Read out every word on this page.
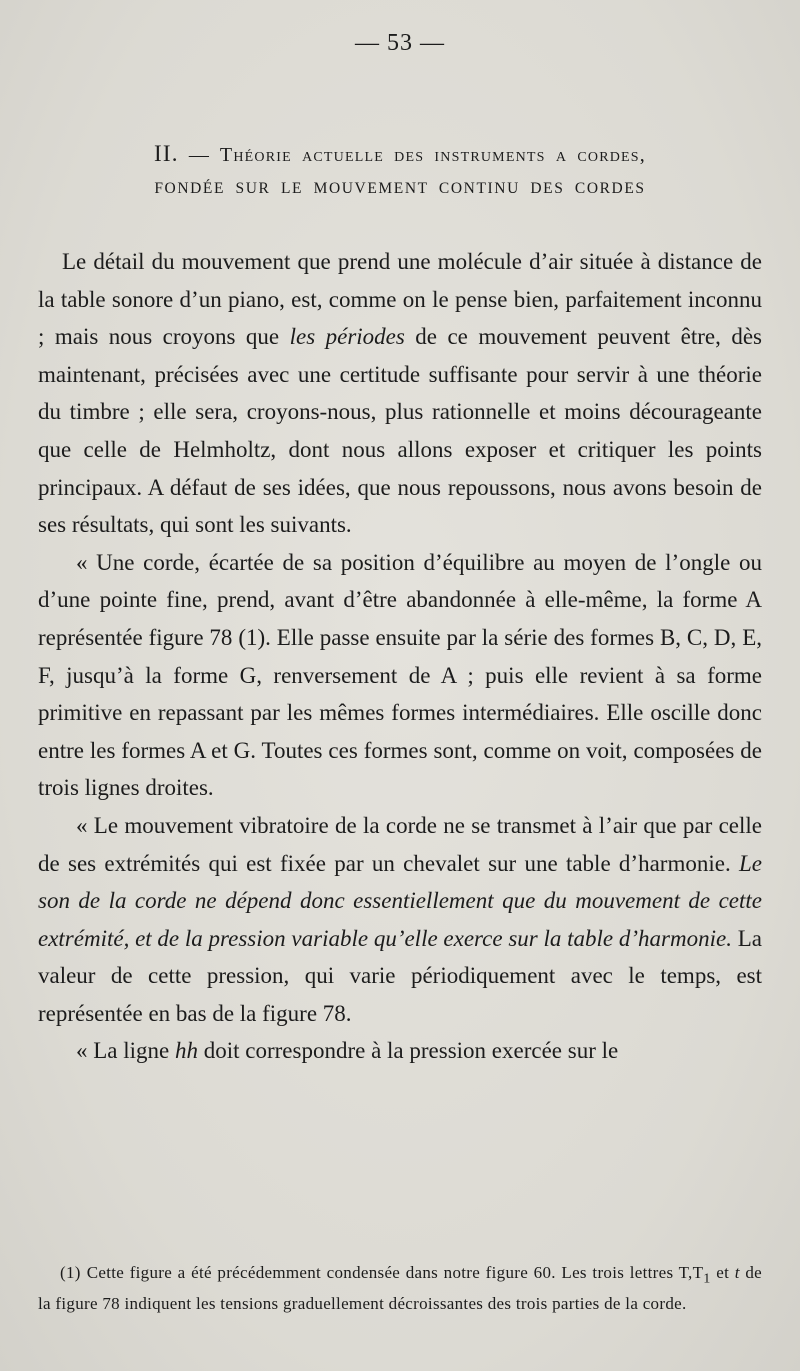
— 53 —
II. — Théorie actuelle des instruments a cordes,
FONDÉE SUR LE MOUVEMENT CONTINU DES CORDES

Le détail du mouvement que prend une molécule d’air située à distance de la table sonore d’un piano, est, comme on le pense bien, parfaitement inconnu ; mais nous croyons que les périodes de ce mouvement peuvent être, dès maintenant, précisées avec une certitude suffisante pour servir à une théorie du timbre ; elle sera, croyons-nous, plus rationnelle et moins décourageante que celle de Helmholtz, dont nous allons exposer et critiquer les points principaux. A défaut de ses idées, que nous repoussons, nous avons besoin de ses résultats, qui sont les suivants.

« Une corde, écartée de sa position d’équilibre au moyen de l’ongle ou d’une pointe fine, prend, avant d’être abandonnée à elle-même, la forme A représentée figure 78 (1). Elle passe ensuite par la série des formes B, C, D, E, F, jusqu’à la forme G, renversement de A ; puis elle revient à sa forme primitive en repassant par les mêmes formes intermédiaires. Elle oscille donc entre les formes A et G. Toutes ces formes sont, comme on voit, composées de trois lignes droites.

« Le mouvement vibratoire de la corde ne se transmet à l’air que par celle de ses extrémités qui est fixée par un chevalet sur une table d’harmonie. Le son de la corde ne dépend donc essentiellement que du mouvement de cette extrémité, et de la pression variable qu’elle exerce sur la table d’harmonie. La valeur de cette pression, qui varie périodiquement avec le temps, est représentée en bas de la figure 78.

« La ligne hh doit correspondre à la pression exercée sur le

(1) Cette figure a été précédemment condensée dans notre figure 60. Les trois lettres $T,T_1$ et t de la figure 78 indiquent les tensions graduellement décroissantes des trois parties de la corde.
